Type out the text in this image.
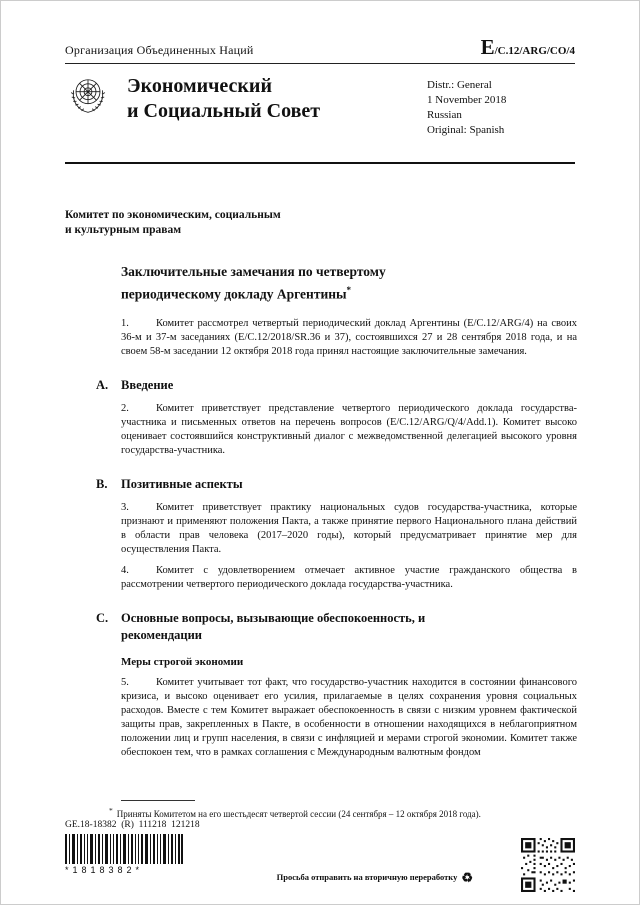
Организация Объединенных Наций	E/C.12/ARG/CO/4
Экономический
и Социальный Совет
Distr.: General
1 November 2018
Russian
Original: Spanish
Комитет по экономическим, социальным
и культурным правам
Заключительные замечания по четвертому
периодическому докладу Аргентины*

1.	Комитет рассмотрел четвертый периодический доклад Аргентины (E/C.12/ARG/4) на своих 36-м и 37-м заседаниях (E/C.12/2018/SR.36 и 37), состоявшихся 27 и 28 сентября 2018 года, и на своем 58-м заседании 12 октября 2018 года принял настоящие заключительные замечания.

A.	Введение

2.	Комитет приветствует представление четвертого периодического доклада государства-участника и письменных ответов на перечень вопросов (E/C.12/ARG/Q/4/Add.1). Комитет высоко оценивает состоявшийся конструктивный диалог с межведомственной делегацией высокого уровня государства-участника.

B.	Позитивные аспекты

3.	Комитет приветствует практику национальных судов государства-участника, которые признают и применяют положения Пакта, а также принятие первого Национального плана действий в области прав человека (2017–2020 годы), который предусматривает принятие мер для осуществления Пакта.

4.	Комитет с удовлетворением отмечает активное участие гражданского общества в рассмотрении четвертого периодического доклада государства-участника.

C.	Основные вопросы, вызывающие обеспокоенность, и рекомендации
Меры строгой экономии

5.	Комитет учитывает тот факт, что государство-участник находится в состоянии финансового кризиса, и высоко оценивает его усилия, прилагаемые в целях сохранения уровня социальных расходов. Вместе с тем Комитет выражает обеспокоенность в связи с низким уровнем фактической защиты прав, закрепленных в Пакте, в особенности в отношении находящихся в неблагоприятном положении лиц и групп населения, в связи с инфляцией и мерами строгой экономии. Комитет также обеспокоен тем, что в рамках соглашения с Международным валютным фондом

* Приняты Комитетом на его шестьдесят четвертой сессии (24 сентября – 12 октября 2018 года).

GE.18-18382  (R)  111218  121218
*1818382*
Просьба отправить на вторичную переработку ♻
